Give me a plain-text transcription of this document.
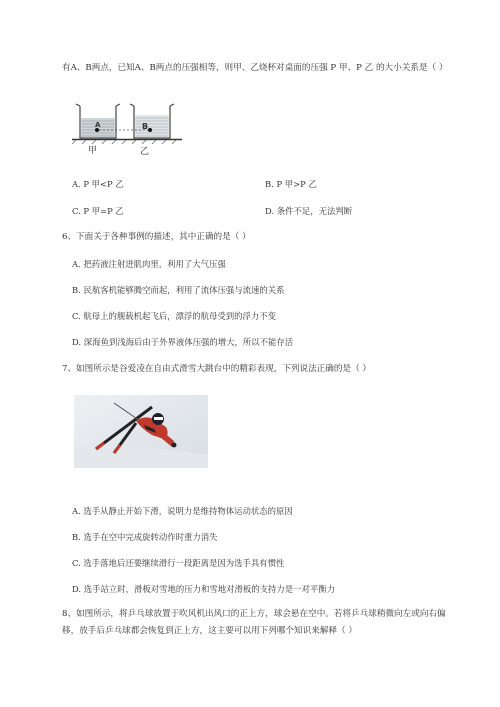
有A、B两点，已知A、B两点的压强相等，则甲、乙烧杯对桌面的压强 P 甲、P 乙 的大小关系是（ ）
A	B
甲	乙
A. P 甲<P 乙	B. P 甲>P 乙
C. P 甲=P 乙	D. 条件不足，无法判断
6、下面关于各种事例的描述，其中正确的是（ ）
A. 把药液注射进肌肉里，利用了大气压强
B. 民航客机能够腾空而起，利用了流体压强与流速的关系
C. 航母上的舰载机起飞后，漂浮的航母受到的浮力不变
D. 深海鱼到浅海后由于外界液体压强的增大，所以不能存活
7、如图所示是谷爱凌在自由式滑雪大跳台中的精彩表现，下列说法正确的是（ ）
A. 选手从静止开始下滑，说明力是维持物体运动状态的原因
B. 选手在空中完成旋转动作时重力消失
C. 选手落地后还要继续滑行一段距离是因为选手具有惯性
D. 选手站立时，滑板对雪地的压力和雪地对滑板的支持力是一对平衡力
8、如图所示，将乒乓球放置于吹风机出风口的正上方，球会悬在空中。若将乒乓球稍微向左或向右偏
移，放手后乒乓球都会恢复到正上方，这主要可以用下列哪个知识来解释（ ）
